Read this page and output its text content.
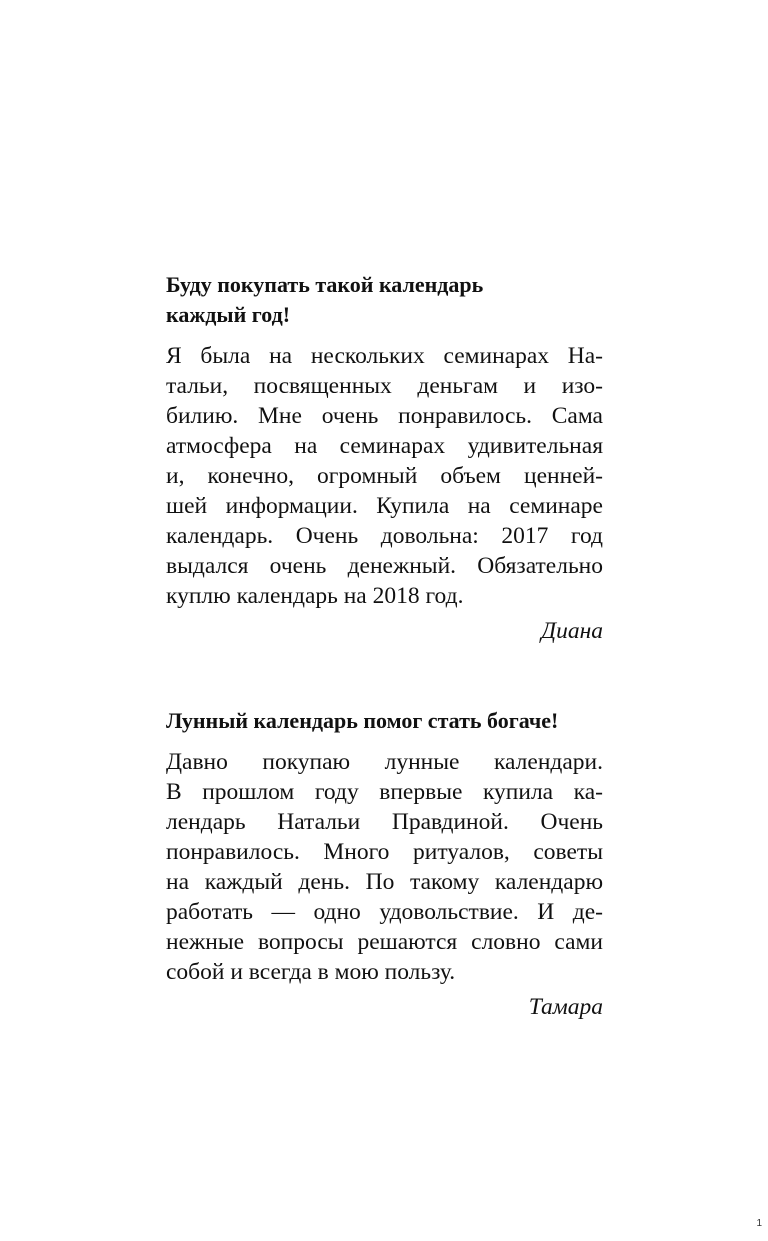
Буду покупать такой календарь
каждый год!
Я была на нескольких семинарах На-
тальи, посвященных деньгам и изо-
билию. Мне очень понравилось. Сама
атмосфера на семинарах удивительная
и, конечно, огромный объем ценней-
шей информации. Купила на семинаре
календарь. Очень довольна: 2017 год
выдался очень денежный. Обязательно
куплю календарь на 2018 год.
Диана
Лунный календарь помог стать богаче!
Давно покупаю лунные календари.
В прошлом году впервые купила ка-
лендарь Натальи Правдиной. Очень
понравилось. Много ритуалов, советы
на каждый день. По такому календарю
работать — одно удовольствие. И де-
нежные вопросы решаются словно сами
собой и всегда в мою пользу.
Тамара
1
